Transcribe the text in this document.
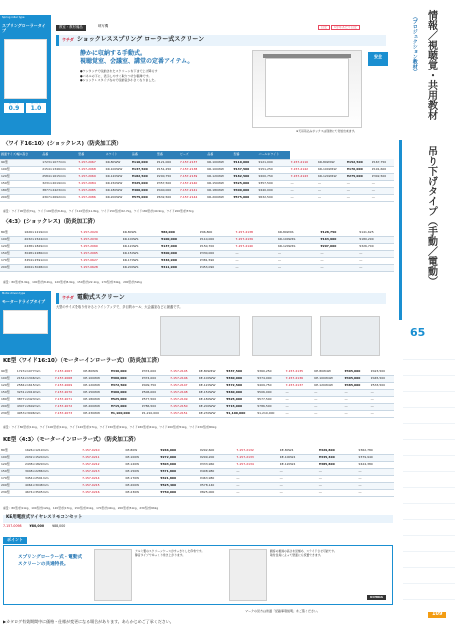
教室・教材備品	映写機	目安 1学年あたり目安
Spring roller type
スプリングローラータイプ
ホワイト
0.9
ホワイト
1.0
ウチダ ショックレススプリング ローラー式スクリーン
静かに収納する手動式。
視聴覚室、会議室、講堂の定番アイテム。
●ワンタッチで収納されたスクリーンを下まで上げ降ろす
●パネルの下に、表示しやすく取りつけが簡単です。
●ショックレスタイプなので収納音が小さくなりました。
安全
※天吊吊込みボックスは別途にて付加出来ます。
〈ワイド16:10〉(ショックレス)（防炎加工済）
画面サイズ/幅×高さ	品番	型番	ホワイト	品番	型番	ビーズ	品番	型番	パールホワイト				
90型	1723×1077mm	7-157-2067	KR-80WW	¥110,000	¥121,000	7-157-2137	KR-100WW	¥110,000	¥121,000	7-157-2110	KR-80W4W	¥152,500	¥167,750
100型	2154×1346mm	7-157-2068	KR-100WW	¥137,500	¥151,250	7-157-2138	KR-100WW	¥137,500	¥151,250	7-157-2142	KR-100W4W	¥176,000	¥191,600
120型	2584×1615mm	7-157-2069	KR-120WW	¥182,500	¥200,750	7-157-2139	KR-120WW	¥182,500	¥200,750	7-157-2143	KR-120W4W	¥275,000	¥302,500
150型	3231×2019mm	7-157-2084	KR-150WW	¥325,000	¥357,500	7-157-2140	KR-150WW	¥325,000	¥357,500	―	―	―	―
180型	3877×2423mm	7-157-2085	KR-180WW	¥400,000	¥440,000	7-157-2141	KR-180WW	¥400,000	¥440,000	―	―	―	―
200型	4307×2692mm	7-157-2086	KR-200WW	¥575,000	¥632,500	7-157-2144	KR-200WW	¥575,000	¥632,500	―	―	―	―
重量：ワイド90型/約7kg、ワイド100型/約8.4kg、ワイド110型/約11.8kg、ワイド150型/約22.7kg、ワイド180型/約40.9kg、ワイド200型/約57kg
〈4:3〉(ショックレス)（防炎加工済）
80型	1626×1219mm	7-157-2029	KR-80WS	¥86,000	¥96,800	7-157-2138	KR-80W4S	¥128,750	¥141,625
100型	2032×1524mm	7-157-2030	KR-100WS	¥100,000	¥110,000	7-157-2139	KR-100W4S	¥163,900	¥180,290
120型	2438×1829mm	7-157-2060	KR-120WS	¥137,000	¥150,700	7-157-2140	KR-120W4S	¥297,000	¥326,700
150型	3048×2286mm	7-157-2065	KR-150WS	¥300,000	¥330,000	―	―	―	―
170型	3454×2591mm	7-157-0627	KR-170WS	¥346,900	¥381,590	―	―	―	―
200型	4064×3048mm	7-157-0628	KR-200WS	¥411,900	¥453,090	―	―	―	―
重量：80型/約5.9kg、100型/約8.2kg、120型/約8.9kg、150型/約22.1kg、170型/約34kg、200型/約52kg
Motor-driven type
モータードライブタイプ
ウチダ 電動式スクリーン
大型のサイズを取り付けるとラインアップで、多目的ホール、大会議室などに最適です。
KE型〈ワイド16:10〉（モーターインローラー式）（防炎加工済）
90型	1723×1077mm	7-157-2067	KE-80WW	¥340,000	¥374,000	7-157-2145	KE-80W4W	¥337,500	¥360,250	7-157-2135	KE-80W4W	¥305,000	¥423,500
100型	2154×1346mm	7-157-2068	KE-100WW	¥360,000	¥374,000	7-157-2146	KE-100WW	¥360,000	¥374,000	7-157-2136	KE-100W4W	¥405,000	¥445,500
120型	2584×1615mm	7-157-2069	KE-120WW	¥372,500	¥409,750	7-157-2147	KE-120WW	¥372,500	¥409,750	7-157-2137	KE-120W4W	¥485,000	¥533,500
150型	3231×2019mm	7-157-2070	KE-150WW	¥460,000	¥506,000	7-157-2148	KE-150WW	¥460,000	¥506,000	―	―	―	―
180型	3877×2423mm	7-157-2071	KE-180WW	¥525,000	¥577,500	7-157-2149	KE-180WW	¥525,000	¥577,500	―	―	―	―
200型	4307×2692mm	7-157-2072	KE-200WW	¥715,000	¥786,500	7-157-2150	KE-200WW	¥715,000	¥786,500	―	―	―	―
230型	4953×3096mm	7-157-2073	KE-230WW	¥1,100,000	¥1,210,000	7-157-2151	KE-230WW	¥1,100,000	¥1,210,000	―	―	―	―
重量：ワイド80型/約11kg、ワイド100型/約11kg、ワイド120型/約17kg、ワイド150型/約21kg、ワイド180型/約41kg、ワイド200型/約51kg、ワイド230型/約66kg
KE型〈4:3〉（モーターインローラー式）（防炎加工済）
80型	1626×1219mm	7-157-0210	KE-80W	¥266,000	¥292,600	7-157-2132	KE-80W4	¥329,800	¥362,780
100型	2032×1524mm	7-157-0211	KE-100W	¥272,000	¥299,200	7-157-2133	KE-100W4	¥345,400	¥379,940
120型	2438×1829mm	7-157-0212	KE-120W	¥303,600	¥333,960	7-157-2134	KE-120W4	¥385,800	¥424,380
150型	3048×2286mm	7-157-0213	KE-150W	¥371,800	¥408,980	―	―	―	―
170型	3454×2591mm	7-157-0214	KE-170W	¥421,800	¥463,980	―	―	―	―
200型	4064×3048mm	7-157-0215	KE-200W	¥525,400	¥578,140	―	―	―	―
230型	4674×3505mm	7-157-0216	KE-230W	¥750,000	¥825,000	―	―	―	―
重量：80型/約11kg、100型/約12kg、120型/約17kg、150型/約21kg、170型/約41kg、200型/約51kg、230型/約66kg
KE用電波式ワイヤレスリモコンセット
7-157-0098	¥80,000	¥88,000
ポイント
スプリングローラー式・電動式
スクリーンの共通特長。
アルミ製のスクリーンケースがすっきりした印象です。
静音タイプでゆっくり巻き上がります。
観客の視線の高さを見極め、スライドさせ可能です。
取付金具によって壁面にも設置できます。
UCHIDA
マークの見方は巻頭「記載事項説明」をご覧ください。
▶カタログ有効期間中に価格・仕様が変更になる場合があります。あらかじめご了承ください。
情報／視聴覚・共用教材
（プロジェクション教材）
吊り下げタイプ（手動／電動）
65
109
